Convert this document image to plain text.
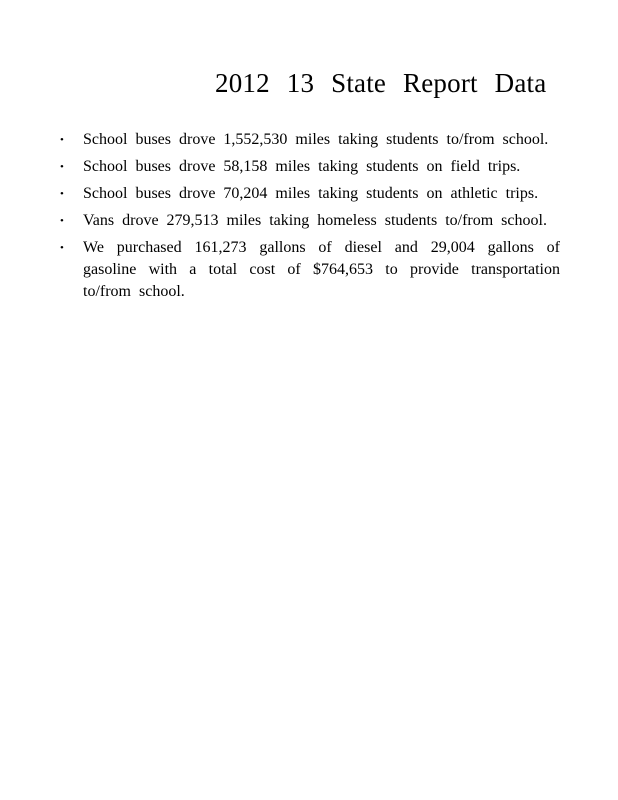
2012 13 State Report Data
• School buses drove 1,552,530 miles taking students to/from school.
• School buses drove 58,158 miles taking students on field trips.
• School buses drove 70,204 miles taking students on athletic trips.
• Vans drove 279,513 miles taking homeless students to/from school.
• We purchased 161,273 gallons of diesel and 29,004 gallons of gasoline with a total cost of $764,653 to provide transportation to/from school.
